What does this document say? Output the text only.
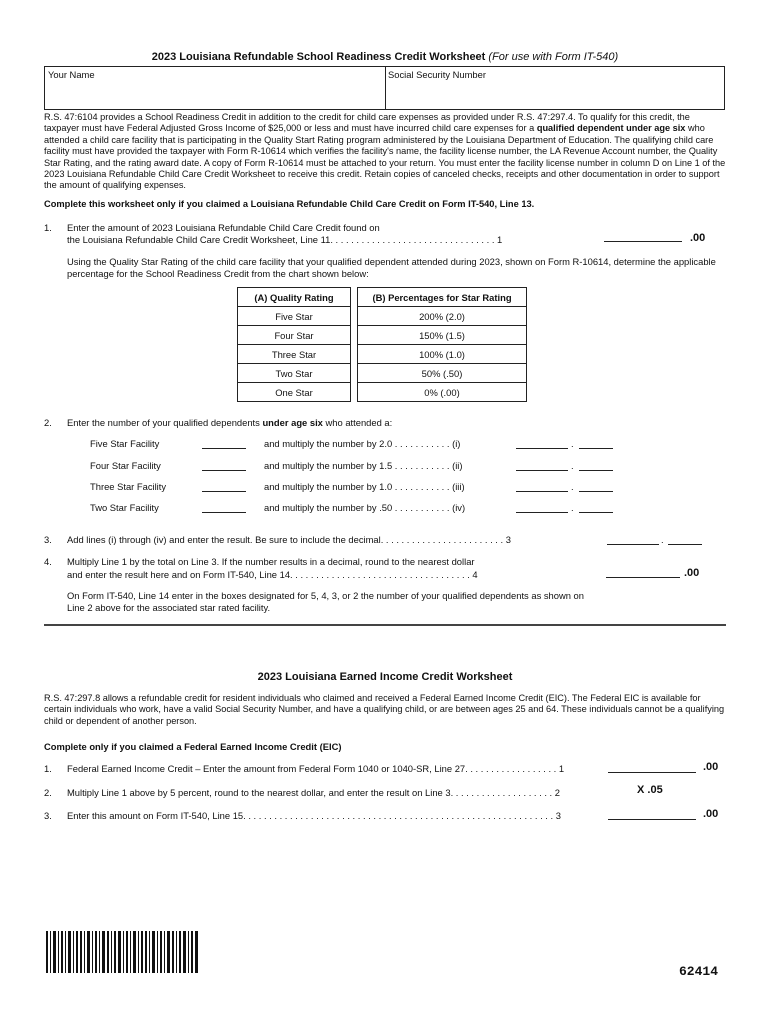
2023 Louisiana Refundable School Readiness Credit Worksheet (For use with Form IT-540)
Your Name	Social Security Number
R.S. 47:6104 provides a School Readiness Credit in addition to the credit for child care expenses as provided under R.S. 47:297.4. To qualify for this credit, the taxpayer must have Federal Adjusted Gross Income of $25,000 or less and must have incurred child care expenses for a qualified dependent under age six who attended a child care facility that is participating in the Quality Start Rating program administered by the Louisiana Department of Education. The qualifying child care facility must have provided the taxpayer with Form R-10614 which verifies the facility's name, the facility license number, the LA Revenue Account number, the Quality Star Rating, and the rating award date. A copy of Form R-10614 must be attached to your return. You must enter the facility license number in column D on Line 1 of the 2023 Louisiana Refundable Child Care Credit Worksheet to receive this credit. Retain copies of canceled checks, receipts and other documentation in order to support the amount of qualifying expenses.
Complete this worksheet only if you claimed a Louisiana Refundable Child Care Credit on Form IT-540, Line 13.
1. Enter the amount of 2023 Louisiana Refundable Child Care Credit found on
the Louisiana Refundable Child Care Credit Worksheet, Line 11. . . . . . . . . . . . . . . . . . . . . . . . . . . . . . . . 1	.00
Using the Quality Star Rating of the child care facility that your qualified dependent attended during 2023, shown on Form R-10614, determine the applicable percentage for the School Readiness Credit from the chart shown below:
(A) Quality Rating		(B) Percentages for Star Rating
Five Star		200% (2.0)
Four Star		150% (1.5)
Three Star		100% (1.0)
Two Star		50% (.50)
One Star		0% (.00)
2. Enter the number of your qualified dependents under age six who attended a:
Five Star Facility	and multiply the number by 2.0 . . . . . . . . . . . (i)	.
Four Star Facility	and multiply the number by 1.5 . . . . . . . . . . . (ii)	.
Three Star Facility	and multiply the number by 1.0 . . . . . . . . . . . (iii)	.
Two Star Facility	and multiply the number by .50 . . . . . . . . . . . (iv)	.
3. Add lines (i) through (iv) and enter the result. Be sure to include the decimal. . . . . . . . . . . . . . . . . . . . . . . . 3	.
4. Multiply Line 1 by the total on Line 3. If the number results in a decimal, round to the nearest dollar
and enter the result here and on Form IT-540, Line 14. . . . . . . . . . . . . . . . . . . . . . . . . . . . . . . . . . . 4	.00
On Form IT-540, Line 14 enter in the boxes designated for 5, 4, 3, or 2 the number of your qualified dependents as shown on Line 2 above for the associated star rated facility.
2023 Louisiana Earned Income Credit Worksheet
R.S. 47:297.8 allows a refundable credit for resident individuals who claimed and received a Federal Earned Income Credit (EIC). The Federal EIC is available for certain individuals who work, have a valid Social Security Number, and have a qualifying child, or are between ages 25 and 64. These individuals cannot be a qualifying child or dependent of another person.
Complete only if you claimed a Federal Earned Income Credit (EIC)
1. Federal Earned Income Credit – Enter the amount from Federal Form 1040 or 1040-SR, Line 27. . . . . . . . . . . . . . . . . . 1	.00
2. Multiply Line 1 above by 5 percent, round to the nearest dollar, and enter the result on Line 3. . . . . . . . . . . . . . . . . . . . 2	X .05
3. Enter this amount on Form IT-540, Line 15. . . . . . . . . . . . . . . . . . . . . . . . . . . . . . . . . . . . . . . . . . . . . . . . . . . . . . . . . . . . 3	.00
62414
